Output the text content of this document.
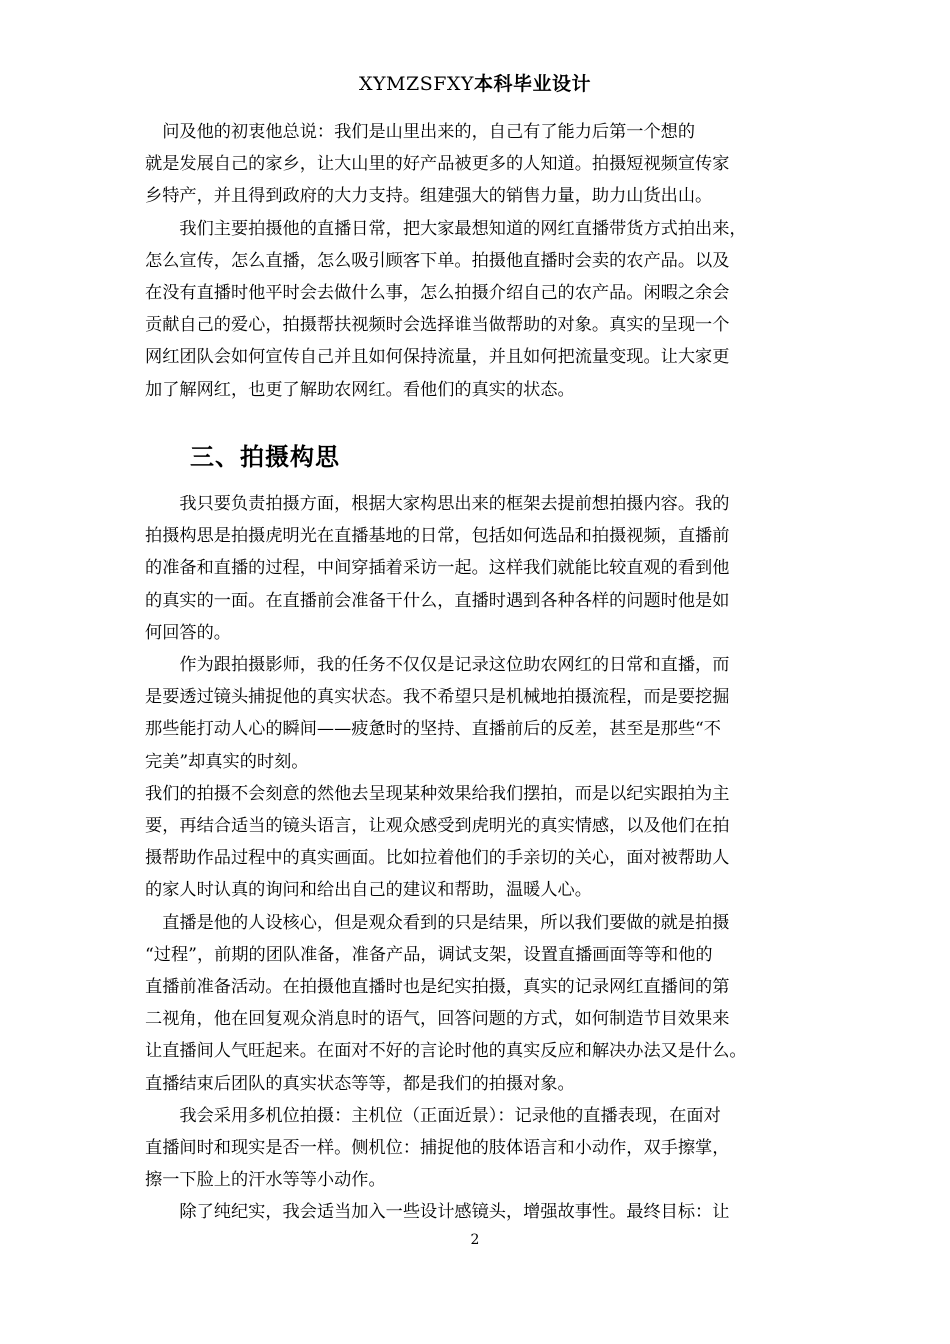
XYMZSFXY本科毕业设计

　问及他的初衷他总说：我们是山里出来的，自己有了能力后第一个想的

就是发展自己的家乡，让大山里的好产品被更多的人知道。拍摄短视频宣传家

乡特产，并且得到政府的大力支持。组建强大的销售力量，助力山货出山。

　　我们主要拍摄他的直播日常，把大家最想知道的网红直播带货方式拍出来，

怎么宣传，怎么直播，怎么吸引顾客下单。拍摄他直播时会卖的农产品。以及

在没有直播时他平时会去做什么事，怎么拍摄介绍自己的农产品。闲暇之余会

贡献自己的爱心，拍摄帮扶视频时会选择谁当做帮助的对象。真实的呈现一个

网红团队会如何宣传自己并且如何保持流量，并且如何把流量变现。让大家更

加了解网红，也更了解助农网红。看他们的真实的状态。

三、拍摄构思

　　我只要负责拍摄方面，根据大家构思出来的框架去提前想拍摄内容。我的

拍摄构思是拍摄虎明光在直播基地的日常，包括如何选品和拍摄视频，直播前

的准备和直播的过程，中间穿插着采访一起。这样我们就能比较直观的看到他

的真实的一面。在直播前会准备干什么，直播时遇到各种各样的问题时他是如

何回答的。

　　作为跟拍摄影师，我的任务不仅仅是记录这位助农网红的日常和直播，而

是要透过镜头捕捉他的真实状态。我不希望只是机械地拍摄流程，而是要挖掘

那些能打动人心的瞬间——疲惫时的坚持、直播前后的反差，甚至是那些“不

完美”却真实的时刻。

我们的拍摄不会刻意的然他去呈现某种效果给我们摆拍，而是以纪实跟拍为主

要，再结合适当的镜头语言，让观众感受到虎明光的真实情感，以及他们在拍

摄帮助作品过程中的真实画面。比如拉着他们的手亲切的关心，面对被帮助人

的家人时认真的询问和给出自己的建议和帮助，温暖人心。

　直播是他的人设核心，但是观众看到的只是结果，所以我们要做的就是拍摄

“过程”，前期的团队准备，准备产品，调试支架，设置直播画面等等和他的

直播前准备活动。在拍摄他直播时也是纪实拍摄，真实的记录网红直播间的第

二视角，他在回复观众消息时的语气，回答问题的方式，如何制造节目效果来

让直播间人气旺起来。在面对不好的言论时他的真实反应和解决办法又是什么。

直播结束后团队的真实状态等等，都是我们的拍摄对象。

　　我会采用多机位拍摄：主机位（正面近景）：记录他的直播表现，在面对

直播间时和现实是否一样。侧机位：捕捉他的肢体语言和小动作，双手擦掌，

擦一下脸上的汗水等等小动作。

　　除了纯纪实，我会适当加入一些设计感镜头，增强故事性。最终目标：让

2
